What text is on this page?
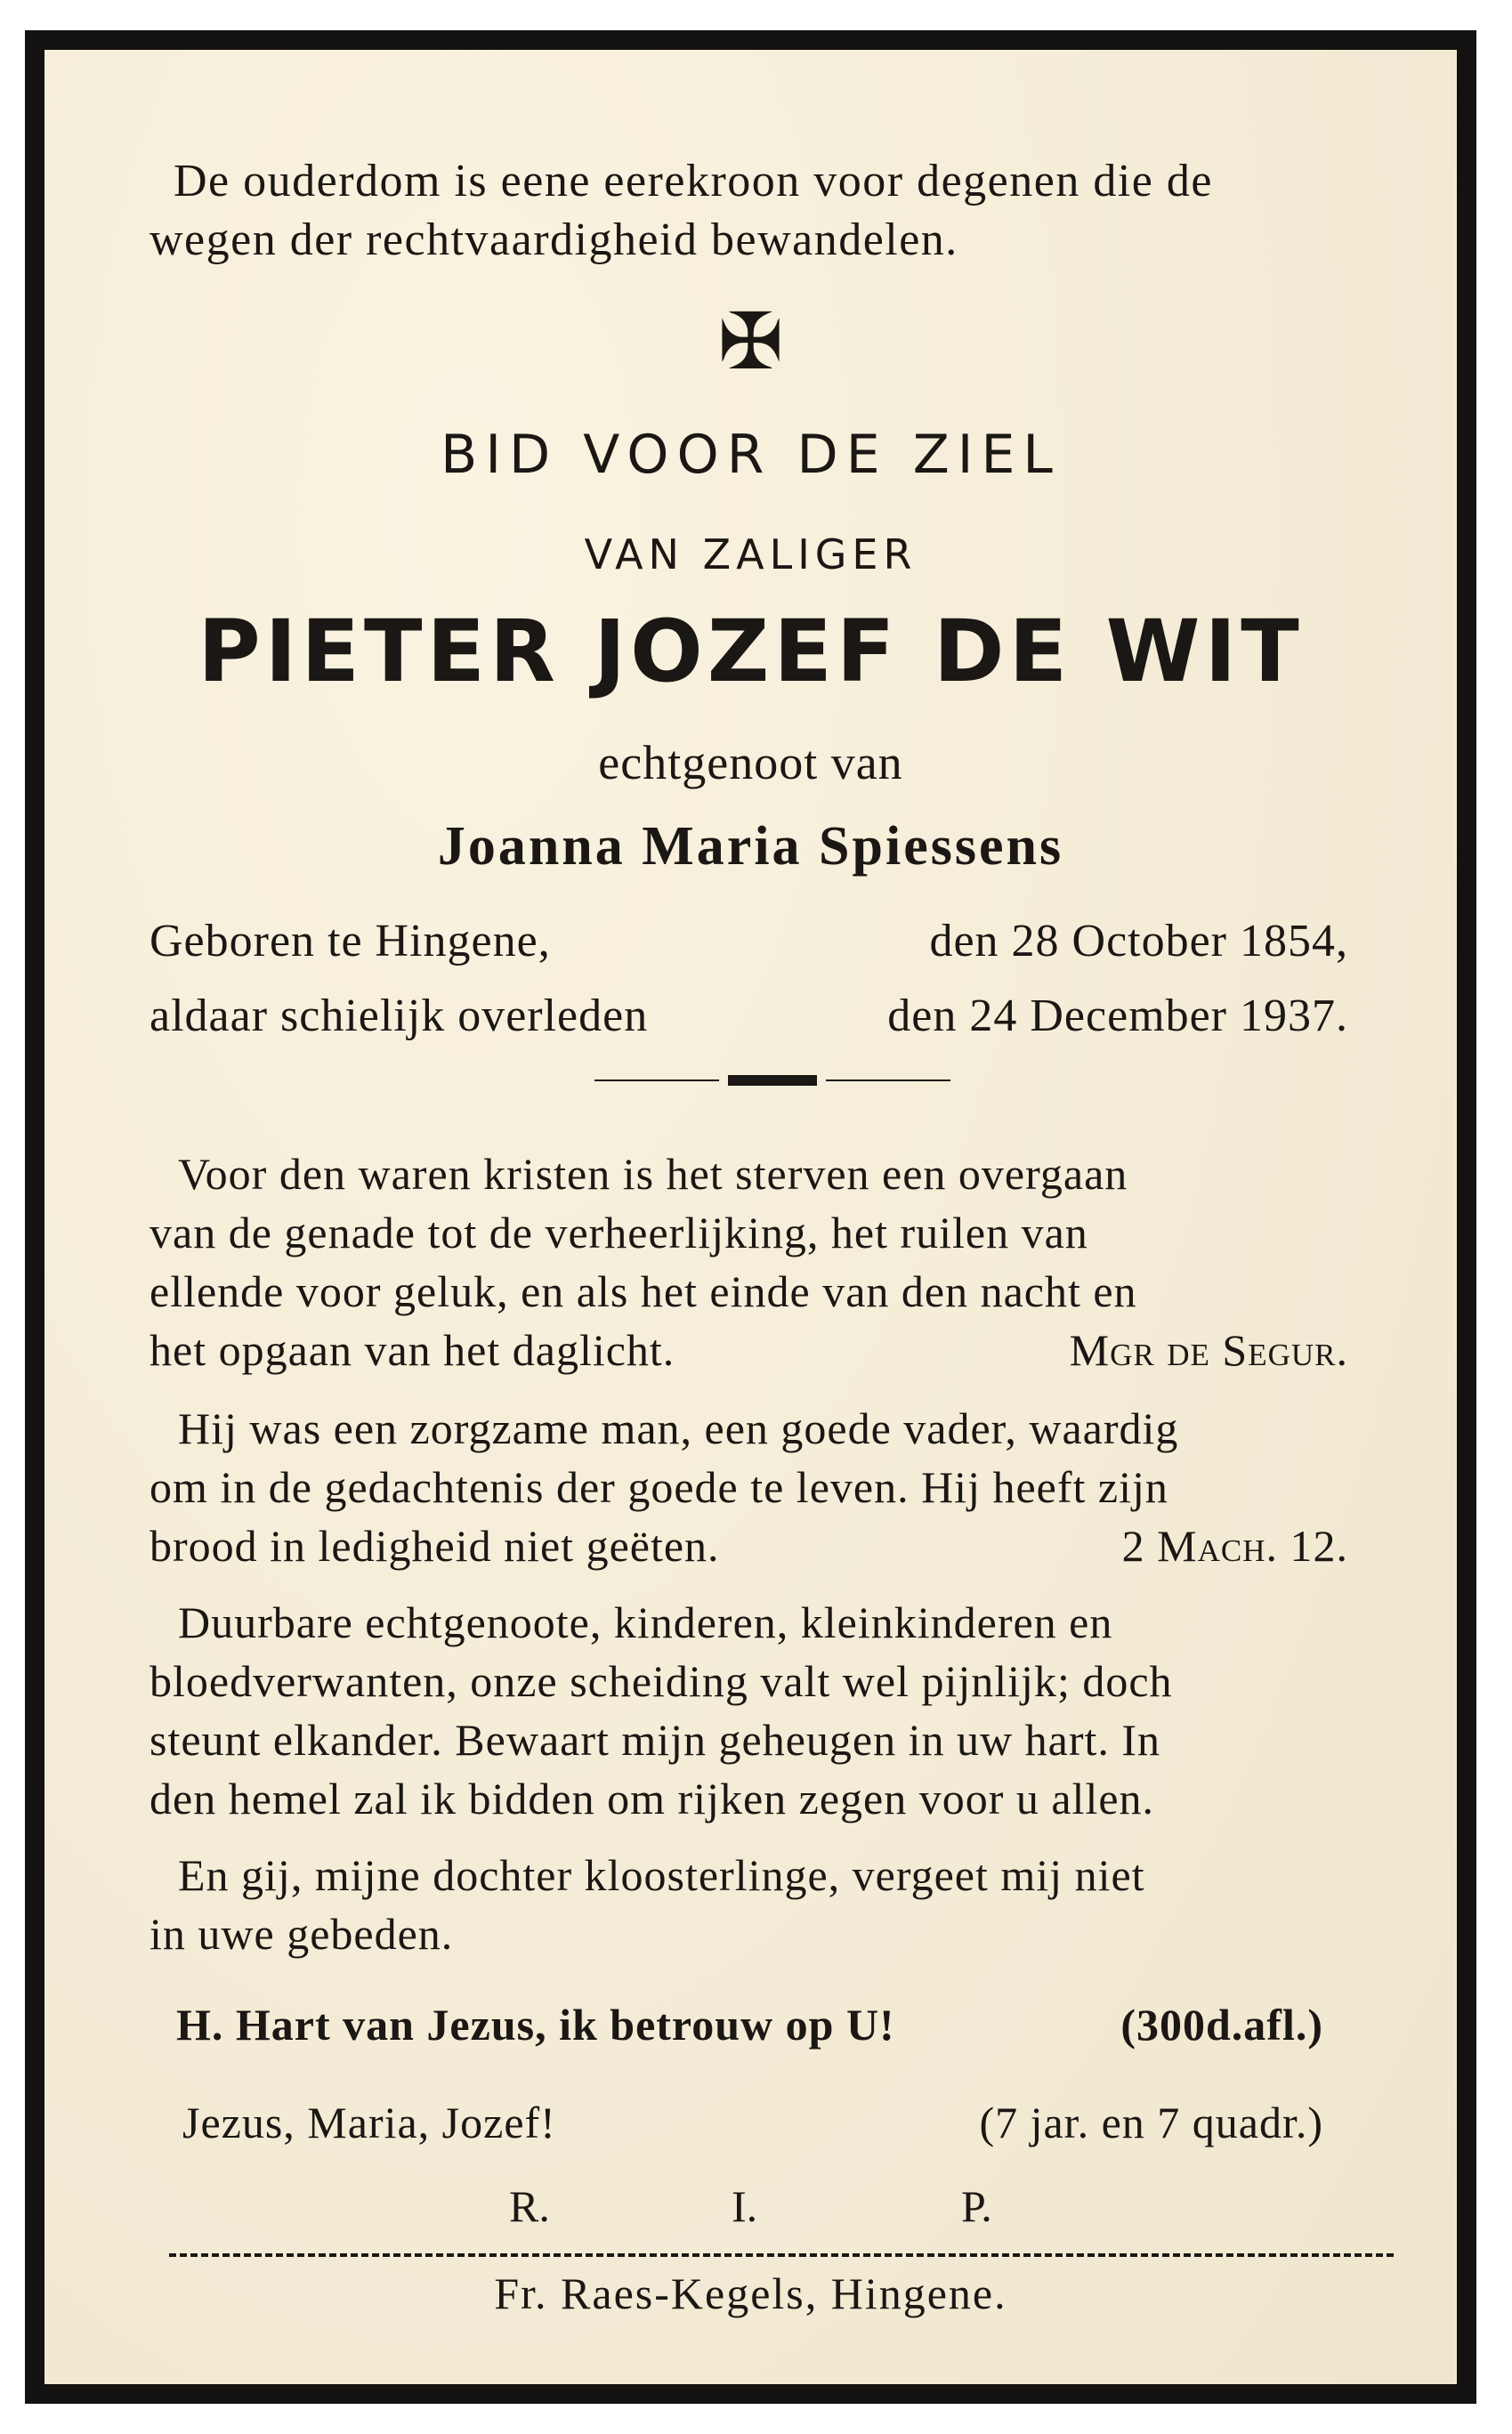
De ouderdom is eene eerekroon voor degenen die de
wegen der rechtvaardigheid bewandelen.
✠
BID VOOR DE ZIEL
VAN ZALIGER
PIETER JOZEF DE WIT
echtgenoot van
Joanna Maria Spiessens
Geboren te Hingene,	den 28 October 1854,
aldaar schielijk overleden	den 24 December 1937.
Voor den waren kristen is het sterven een overgaan
van de genade tot de verheerlijking, het ruilen van
ellende voor geluk, en als het einde van den nacht en
het opgaan van het daglicht.	Mgr de Segur.
Hij was een zorgzame man, een goede vader, waardig
om in de gedachtenis der goede te leven. Hij heeft zijn
brood in ledigheid niet geëten.	2 Mach. 12.
Duurbare echtgenoote, kinderen, kleinkinderen en
bloedverwanten, onze scheiding valt wel pijnlijk; doch
steunt elkander. Bewaart mijn geheugen in uw hart. In
den hemel zal ik bidden om rijken zegen voor u allen.
En gij, mijne dochter kloosterlinge, vergeet mij niet
in uwe gebeden.
H. Hart van Jezus, ik betrouw op U!	(300d.afl.)
Jezus, Maria, Jozef!	(7 jar. en 7 quadr.)
R.	I.	P.
Fr. Raes-Kegels, Hingene.
